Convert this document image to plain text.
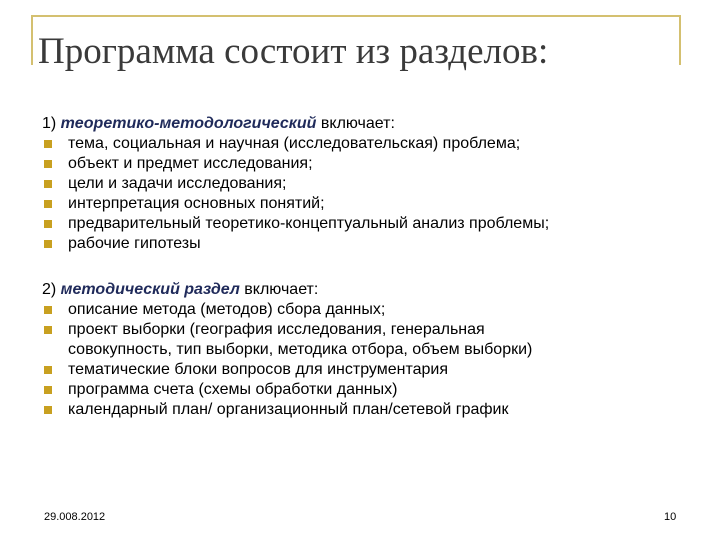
Программа состоит из разделов:

1) теоретико-методологический включает:

тема, социальная и научная (исследовательская) проблема;
объект и предмет исследования;
цели и задачи исследования;
интерпретация основных понятий;
предварительный теоретико-концептуальный анализ проблемы;
рабочие гипотезы

2) методический раздел включает:

описание метода (методов) сбора данных;
проект выборки (география исследования, генеральная
совокупность, тип выборки, методика отбора, объем выборки)
тематические блоки вопросов для инструментария
программа счета (схемы обработки данных)
календарный план/ организационный план/сетевой график
29.008.2012	10
